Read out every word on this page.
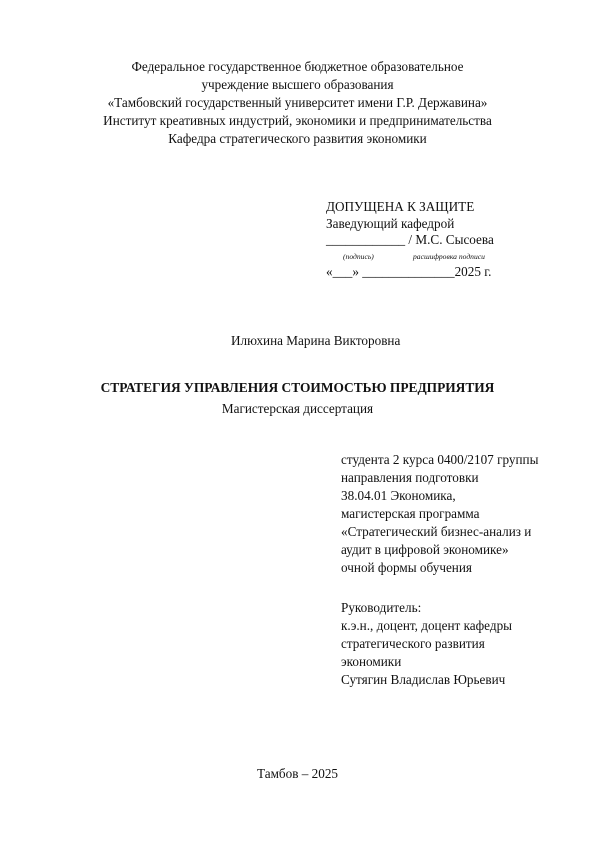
Федеральное государственное бюджетное образовательное
учреждение высшего образования
«Тамбовский государственный университет имени Г.Р. Державина»
Институт креативных индустрий, экономики и предпринимательства
Кафедра стратегического развития экономики
ДОПУЩЕНА К ЗАЩИТЕ
Заведующий кафедрой
____________ / М.С. Сысоева
(подпись)	расшифровка подписи
«___» ______________2025 г.
Илюхина Марина Викторовна
СТРАТЕГИЯ УПРАВЛЕНИЯ СТОИМОСТЬЮ ПРЕДПРИЯТИЯ
Магистерская диссертация
студента 2 курса 0400/2107 группы
направления подготовки
38.04.01 Экономика,
магистерская программа
«Стратегический бизнес-анализ и
аудит в цифровой экономике»
очной формы обучения
Руководитель:
к.э.н., доцент, доцент кафедры
стратегического развития
экономики
Сутягин Владислав Юрьевич
Тамбов – 2025
